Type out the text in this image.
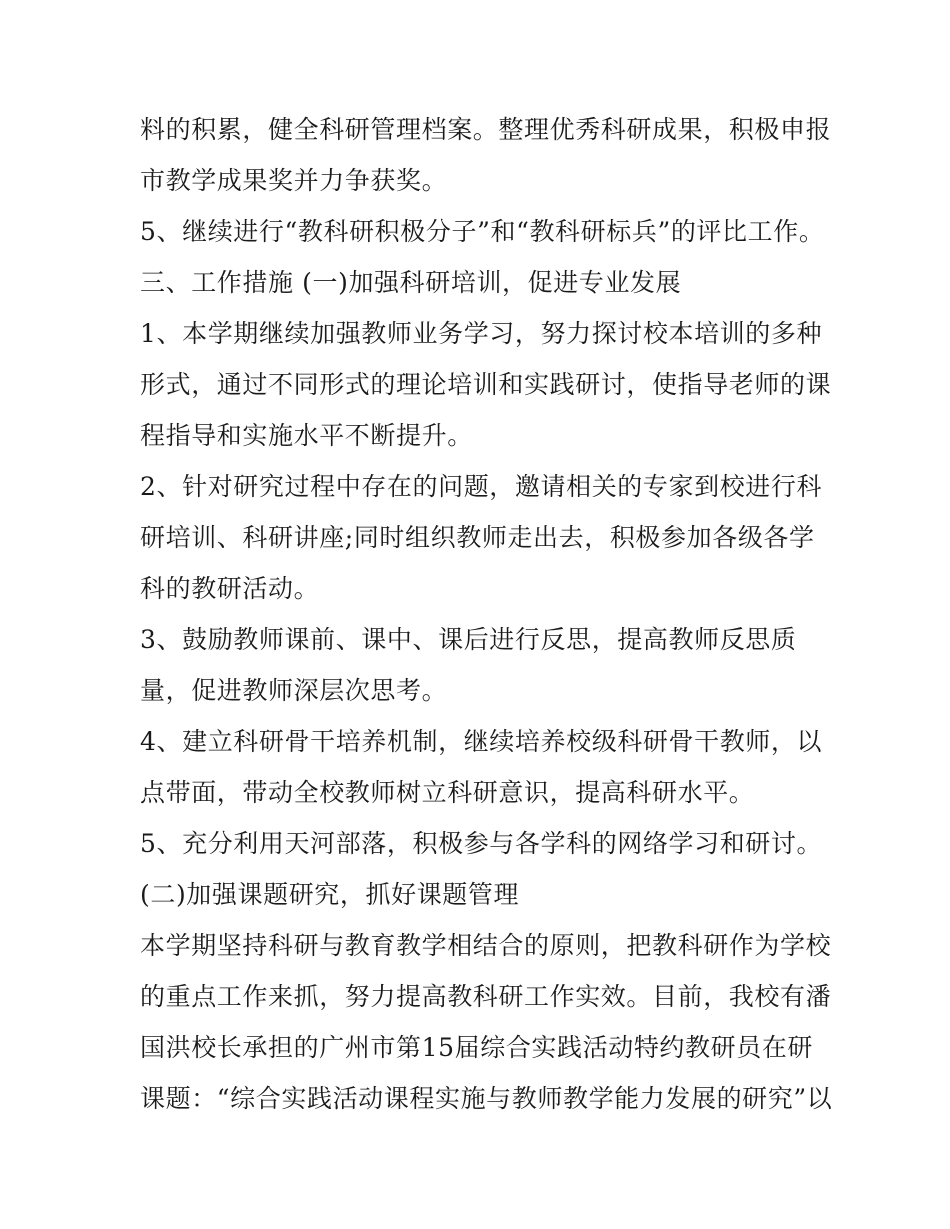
料的积累，健全科研管理档案。整理优秀科研成果，积极申报
市教学成果奖并力争获奖。
5、继续进行“教科研积极分子”和“教科研标兵”的评比工作。
三、工作措施 (一)加强科研培训，促进专业发展
1、本学期继续加强教师业务学习，努力探讨校本培训的多种
形式，通过不同形式的理论培训和实践研讨，使指导老师的课
程指导和实施水平不断提升。
2、针对研究过程中存在的问题，邀请相关的专家到校进行科
研培训、科研讲座;同时组织教师走出去，积极参加各级各学
科的教研活动。
3、鼓励教师课前、课中、课后进行反思，提高教师反思质
量，促进教师深层次思考。
4、建立科研骨干培养机制，继续培养校级科研骨干教师，以
点带面，带动全校教师树立科研意识，提高科研水平。
5、充分利用天河部落，积极参与各学科的网络学习和研讨。
(二)加强课题研究，抓好课题管理
本学期坚持科研与教育教学相结合的原则，把教科研作为学校
的重点工作来抓，努力提高教科研工作实效。目前，我校有潘
国洪校长承担的广州市第15届综合实践活动特约教研员在研
课题：“综合实践活动课程实施与教师教学能力发展的研究”以
